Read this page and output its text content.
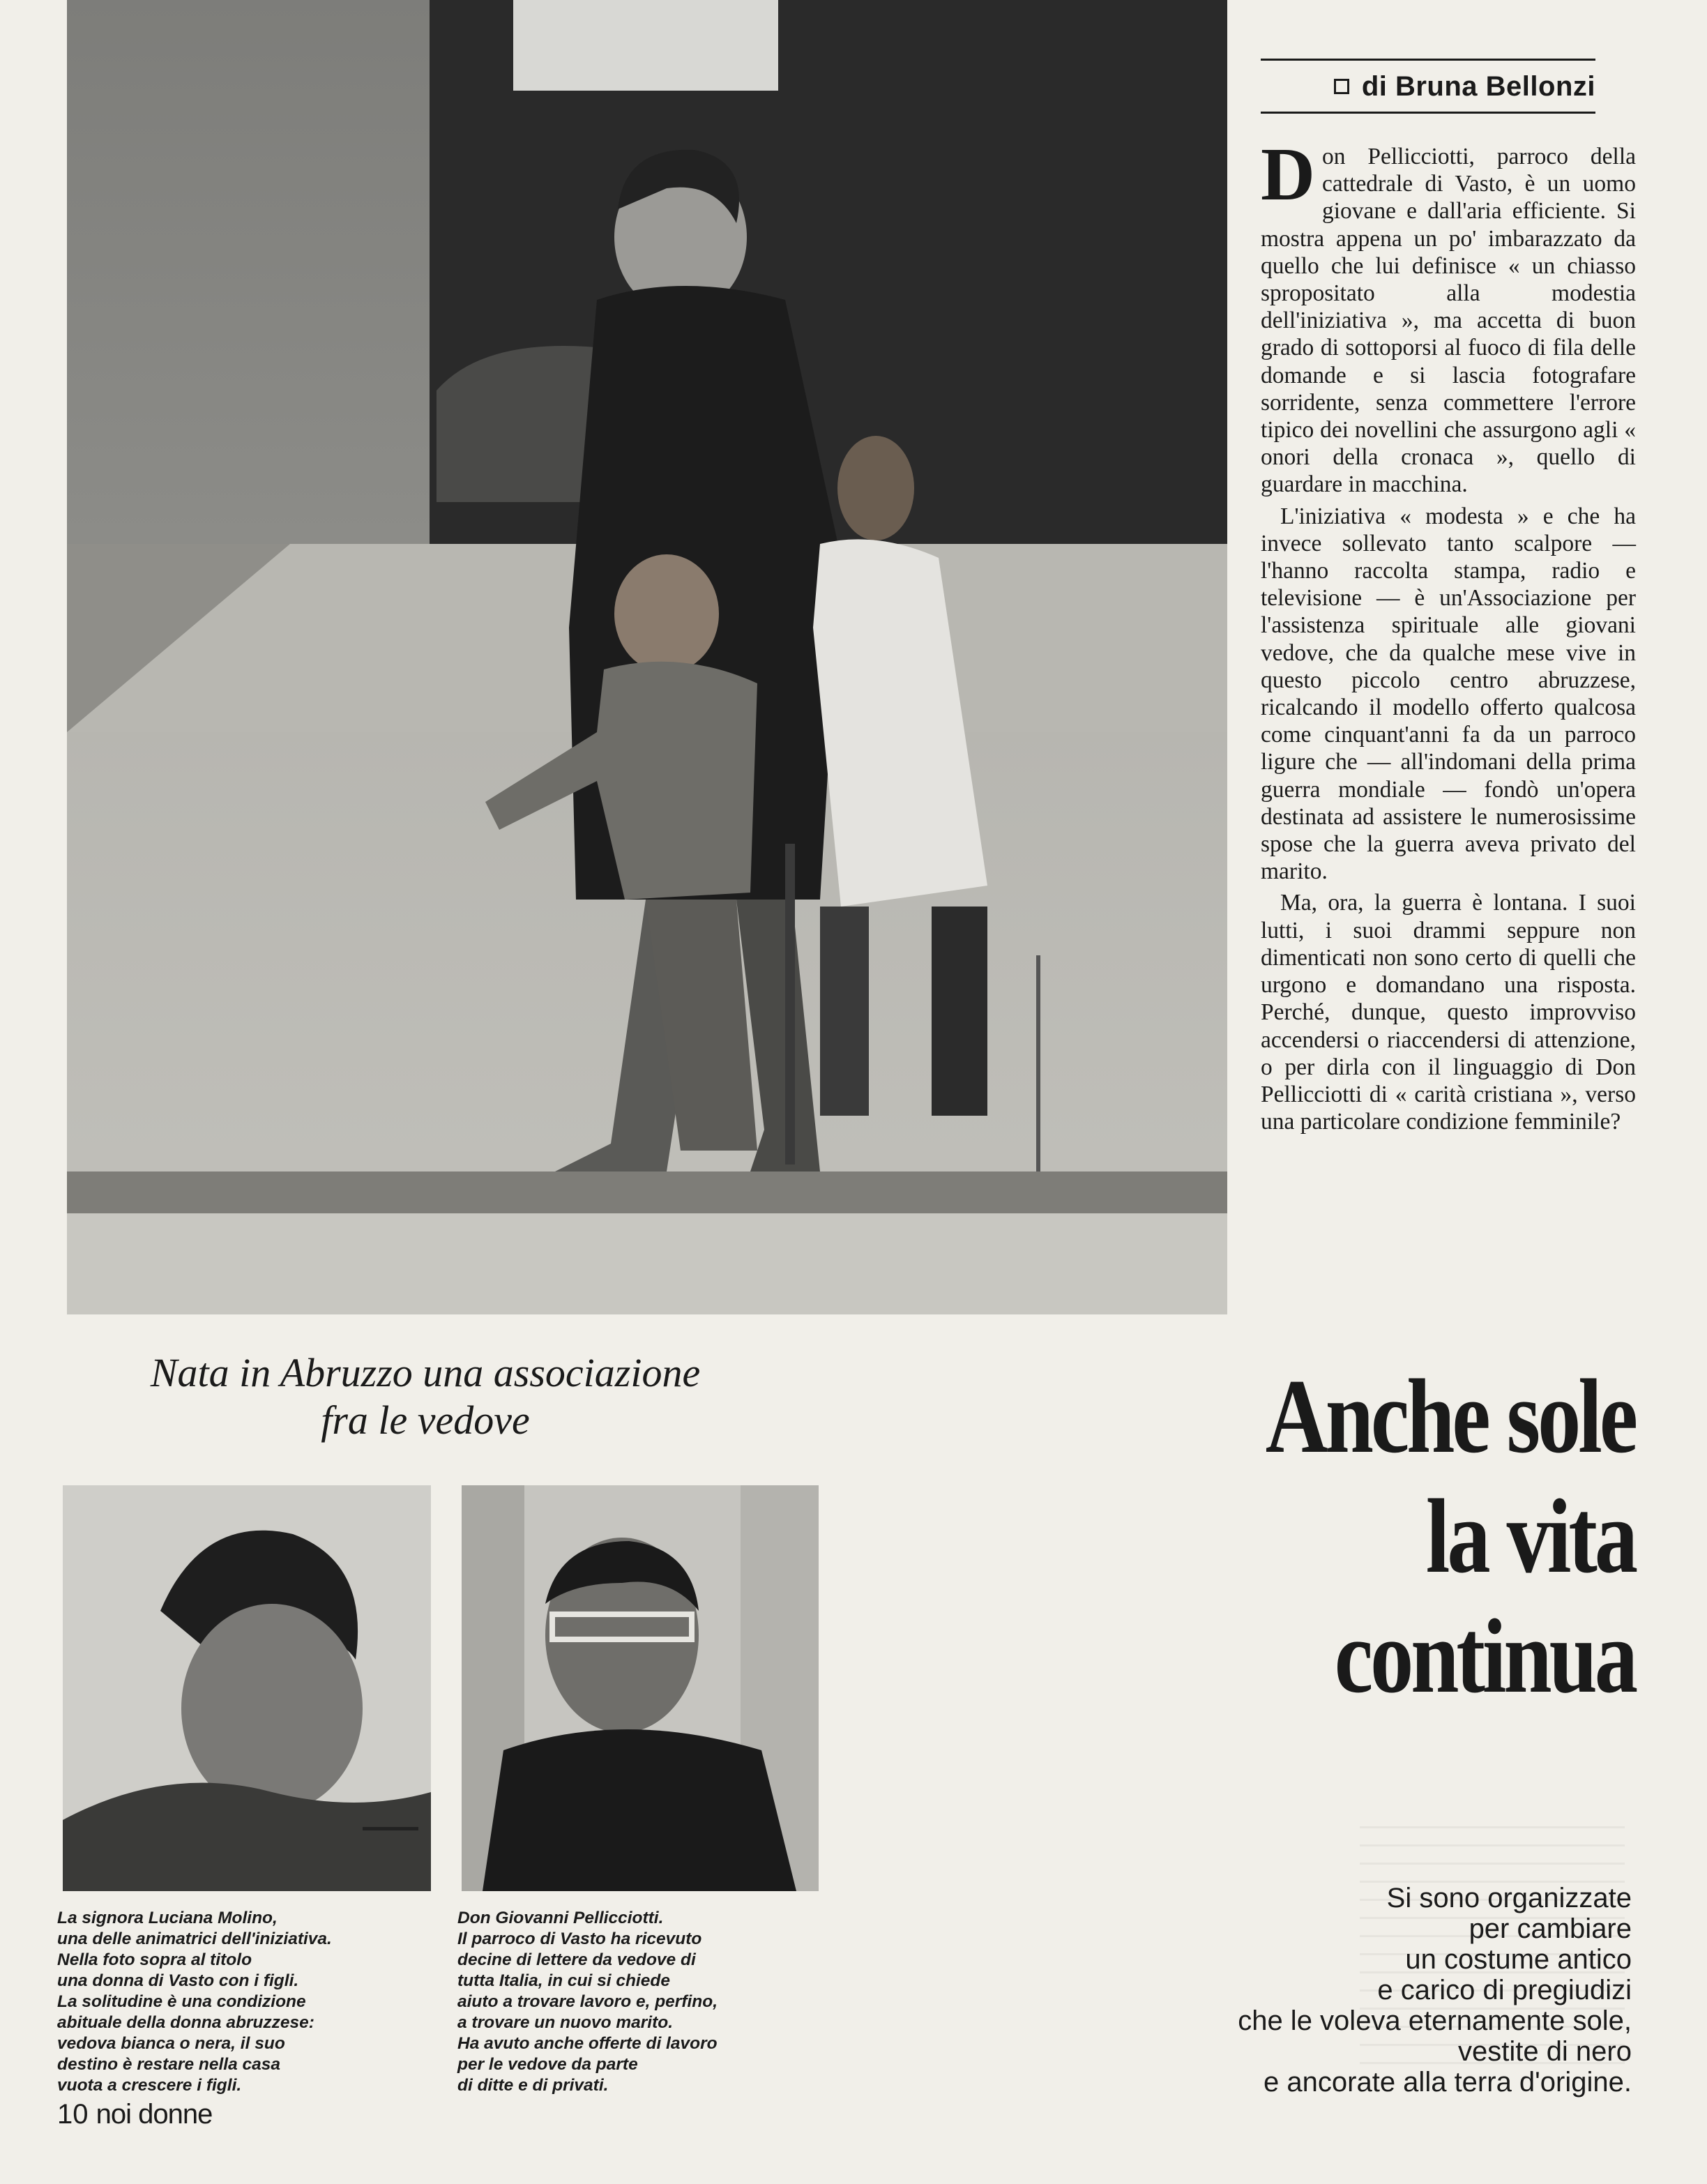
di Bruna Bellonzi

Don Pellicciotti, parroco della cattedrale di Vasto, è un uomo giovane e dall'aria efficiente. Si mostra appena un po' imbarazzato da quello che lui definisce « un chiasso spropositato alla modestia dell'iniziativa », ma accetta di buon grado di sottoporsi al fuoco di fila delle domande e si lascia fotografare sorridente, senza commettere l'errore tipico dei novellini che assurgono agli « onori della cronaca », quello di guardare in macchina.

L'iniziativa « modesta » e che ha invece sollevato tanto scalpore — l'hanno raccolta stampa, radio e televisione — è un'Associazione per l'assistenza spirituale alle giovani vedove, che da qualche mese vive in questo piccolo centro abruzzese, ricalcando il modello offerto qualcosa come cinquant'anni fa da un parroco ligure che — all'indomani della prima guerra mondiale — fondò un'opera destinata ad assistere le numerosissime spose che la guerra aveva privato del marito.

Ma, ora, la guerra è lontana. I suoi lutti, i suoi drammi seppure non dimenticati non sono certo di quelli che urgono e domandano una risposta. Perché, dunque, questo improvviso accendersi o riaccendersi di attenzione, o per dirla con il linguaggio di Don Pellicciotti di « carità cristiana », verso una particolare condizione femminile?

Nata in Abruzzo una associazione
fra le vedove	Anche sole
la vita
continua
La signora Luciana Molino,
una delle animatrici dell'iniziativa.
Nella foto sopra al titolo
una donna di Vasto con i figli.
La solitudine è una condizione
abituale della donna abruzzese:
vedova bianca o nera, il suo
destino è restare nella casa
vuota a crescere i figli.
Don Giovanni Pellicciotti.
Il parroco di Vasto ha ricevuto
decine di lettere da vedove di
tutta Italia, in cui si chiede
aiuto a trovare lavoro e, perfino,
a trovare un nuovo marito.
Ha avuto anche offerte di lavoro
per le vedove da parte
di ditte e di privati.
Si sono organizzate
per cambiare
un costume antico
e carico di pregiudizi
che le voleva eternamente sole,
vestite di nero
e ancorate alla terra d'origine.
10 noi donne
